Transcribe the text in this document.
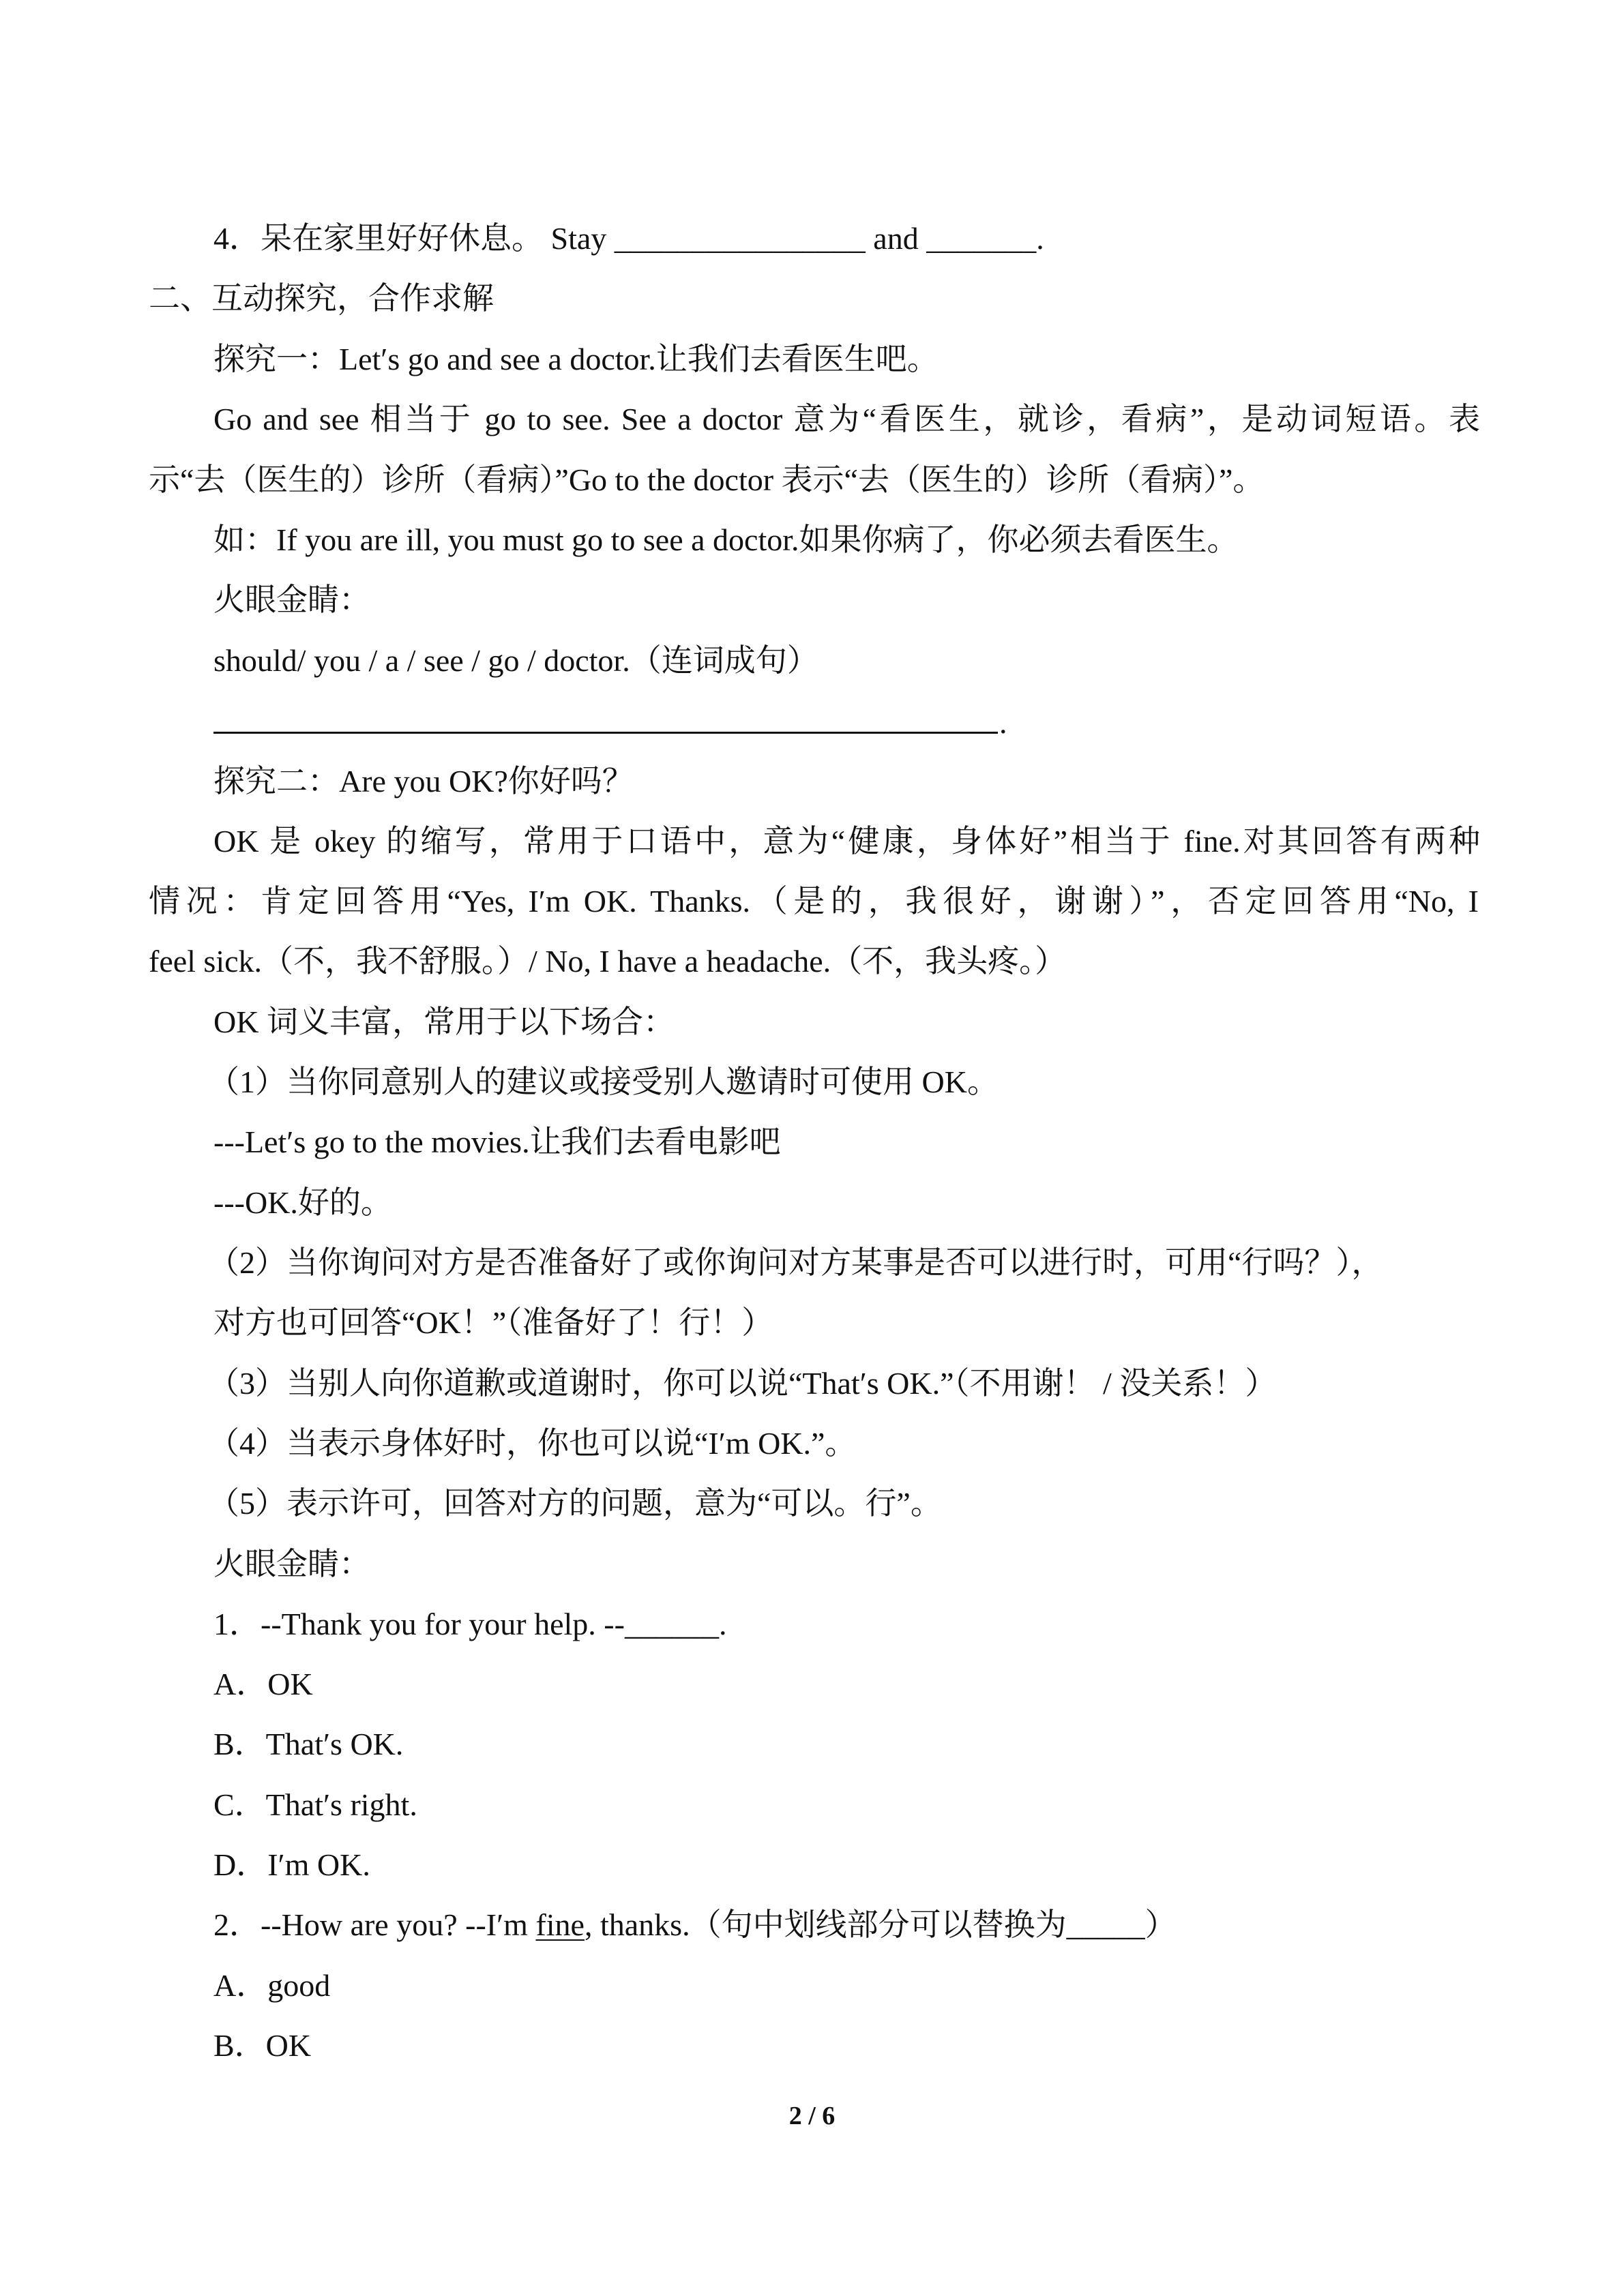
4．呆在家里好好休息。 Stay ________________ and _______.
二、互动探究，合作求解
探究一：Let′s go and see a doctor.让我们去看医生吧。
Go and see 相当于 go to see. See a doctor 意为“看医生，就诊，看病”，是动词短语。表
示“去（医生的）诊所（看病）”Go to the doctor 表示“去（医生的）诊所（看病）”。
如：If you are ill, you must go to see a doctor.如果你病了，你必须去看医生。
火眼金睛：
should/ you / a / see / go / doctor.（连词成句）
.
探究二：Are you OK?你好吗？
OK 是 okey 的缩写，常用于口语中，意为“健康，身体好”相当于 fine.对其回答有两种
情况：肯定回答用“Yes, I′m OK. Thanks.（是的，我很好，谢谢）”，否定回答用“No, I
feel sick.（不，我不舒服。）/ No, I have a headache.（不，我头疼。）
OK 词义丰富，常用于以下场合：
（1）当你同意别人的建议或接受别人邀请时可使用 OK。
---Let′s go to the movies.让我们去看电影吧
---OK.好的。
（2）当你询问对方是否准备好了或你询问对方某事是否可以进行时，可用“行吗？），
对方也可回答“OK！”（准备好了！行！）
（3）当别人向你道歉或道谢时，你可以说“That′s OK.”（不用谢！ / 没关系！）
（4）当表示身体好时，你也可以说“I′m OK.”。
（5）表示许可，回答对方的问题，意为“可以。行”。
火眼金睛：
1．--Thank you for your help. --______.
A．OK
B．That′s OK.
C．That′s right.
D．I′m OK.
2．--How are you? --I′m fine, thanks.（句中划线部分可以替换为_____）
A．good
B．OK
2 / 6
